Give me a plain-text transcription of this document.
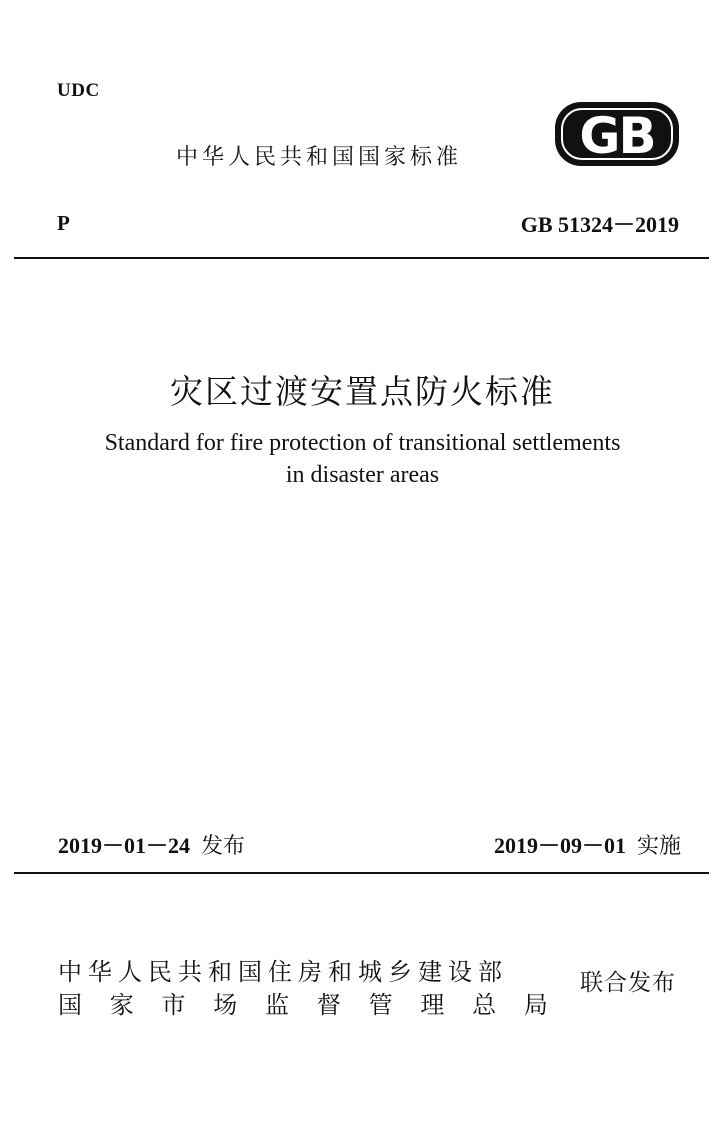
UDC
中华人民共和国国家标准 GB
P	GB 51324－2019
灾区过渡安置点防火标准
Standard for fire protection of transitional settlements
in disaster areas
2019－01－24 发布	2019－09－01 实施
中华人民共和国住房和城乡建设部
国 家 市 场 监 督 管 理 总 局
联合发布
